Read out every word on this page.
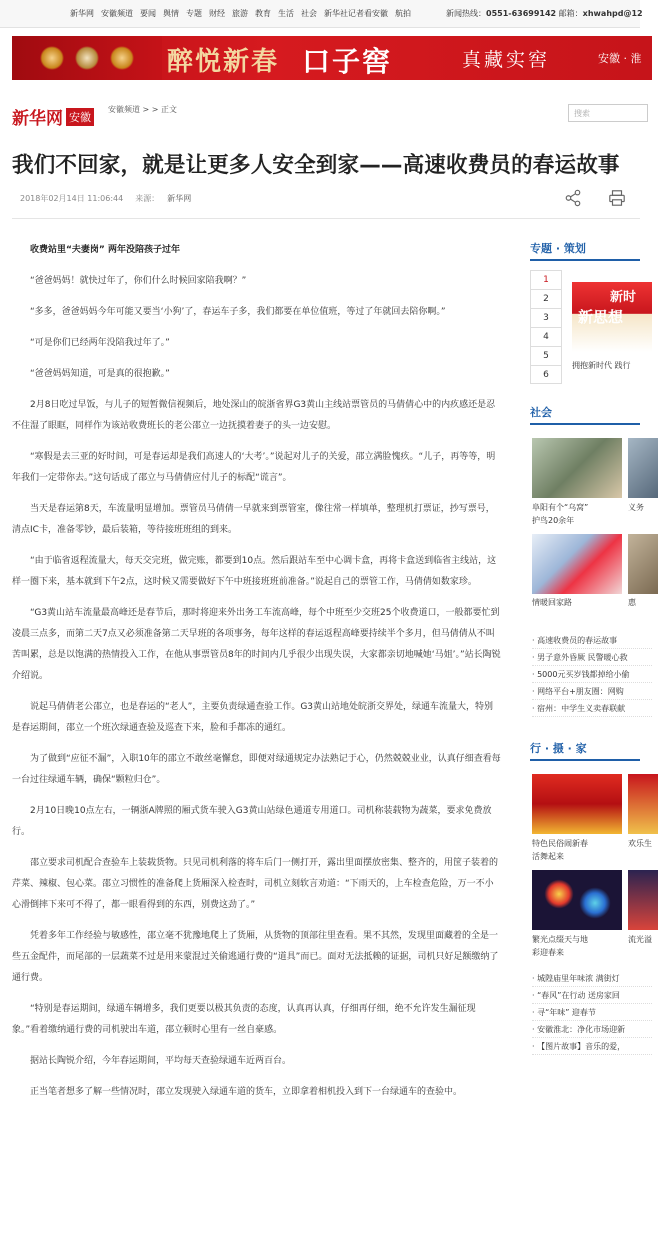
新华网 安徽频道 要闻 舆情 专题 财经 旅游 教育 生活 社会 新华社记者看安徽 航拍	新闻热线：0551-63699142 邮箱：xhwahpd@12
醉悦新春 口子窖	真藏实窖	安徽 · 淮
新华网 安徽
安徽频道 > > 正文	搜索
我们不回家，就是让更多人安全到家——高速收费员的春运故事
2018年02月14日 11:06:44 来源： 新华网

收费站里“夫妻岗” 两年没陪孩子过年

“爸爸妈妈！就快过年了，你们什么时候回家陪我啊？”

“多多，爸爸妈妈今年可能又要当‘小狗’了，春运车子多，我们都要在单位值班，等过了年就回去陪你啊。”

“可是你们已经两年没陪我过年了。”

“爸爸妈妈知道，可是真的很抱歉。”

2月8日吃过早饭，与儿子的短暂微信视频后，地处深山的皖浙省界G3黄山主线站票管员的马倩倩心中的内疚感还是忍不住湿了眼眶，同样作为该站收费班长的老公邵立一边抚摸着妻子的头一边安慰。

“寒假是去三亚的好时间，可是春运却是我们高速人的‘大考’。”说起对儿子的关爱，邵立满脸愧疚。“儿子，再等等，明年我们一定带你去。”这句话成了邵立与马倩倩应付儿子的标配“谎言”。

当天是春运第8天，车流量明显增加。票管员马倩倩一早就来到票管室，像往常一样填单，整理机打票证，抄写票号，清点IC卡，准备零钞，最后装箱，等待接班班组的到来。

“由于临省返程流量大，每天交完班，做完账，都要到10点。然后跟站车至中心调卡盒，再将卡盒送到临省主线站，这样一圈下来，基本就到下午2点，这时候又需要做好下午中班接班班前准备。”说起自己的票管工作，马倩倩如数家珍。

“G3黄山站车流量最高峰还是春节后，那时将迎来外出务工车流高峰，每个中班至少交班25个收费道口，一般都要忙到凌晨三点多，而第二天7点又必须准备第二天早班的各项事务，每年这样的春运返程高峰要持续半个多月，但马倩倩从不叫苦叫累，总是以饱满的热情投入工作，在他从事票管员8年的时间内几乎很少出现失误，大家都亲切地喊她‘马姐’。”站长陶锐介绍说。

说起马倩倩老公邵立，也是春运的“老人”，主要负责绿通查验工作。G3黄山站地处皖浙交界处，绿通车流量大，特别是春运期间，邵立一个班次绿通查验及巡查下来，脸和手都冻的通红。

为了做到“应征不漏”，入职10年的邵立不敢丝毫懈怠，即便对绿通规定办法熟记于心，仍然兢兢业业，认真仔细查看每一台过往绿通车辆，确保“颗粒归仓”。

2月10日晚10点左右，一辆浙A牌照的厢式货车驶入G3黄山站绿色通道专用道口。司机称装载物为蔬菜，要求免费放行。

邵立要求司机配合查验车上装载货物。只见司机利落的将车后门一侧打开，露出里面摆放密集、整齐的，用筐子装着的芹菜、辣椒、包心菜。邵立习惯性的准备爬上货厢深入检查时，司机立刻软言劝道：“下雨天的，上车检查危险，万一不小心滑倒摔下来可不得了，都一眼看得到的东西，别费这劲了。”

凭着多年工作经验与敏感性，邵立毫不犹豫地爬上了货厢，从货物的顶部往里查看。果不其然，发现里面藏着的全是一些五金配件，而尾部的一层蔬菜不过是用来蒙混过关偷逃通行费的“道具”而已。面对无法抵赖的证据，司机只好足额缴纳了通行费。

“特别是春运期间，绿通车辆增多，我们更要以极其负责的态度，认真再认真，仔细再仔细，绝不允许发生漏征现象。”看着缴纳通行费的司机驶出车道，邵立顿时心里有一丝自豪感。

据站长陶锐介绍，今年春运期间，平均每天查验绿通车近两百台。

正当笔者想多了解一些情况时，邵立发现驶入绿通车道的货车，立即拿着相机投入到下一台绿通车的查验中。

专题 · 策划
1
2
3
4
5
6
新时
新思想
拥抱新时代 践行
社会
阜阳有个“乌窝”	义务
护鸟20余年
情暖回家路	惠
· 高速收费员的春运故事
· 男子意外昏厥 民警暖心救
· 5000元买岁钱都掉给小偷
· 网络平台+朋友圈：网购
· 宿州：中学生义卖春联献
行 · 摄 · 家
特色民俗闹新春	欢乐生
活舞起来
繁光点缀天与地	流光溢
彩迎春来
· 城隍庙里年味浓 满街灯
· “春风”在行动 送房家回
· 寻“年味” 迎春节
· 安徽淮北：净化市场迎新
· 【图片故事】音乐的爱，
